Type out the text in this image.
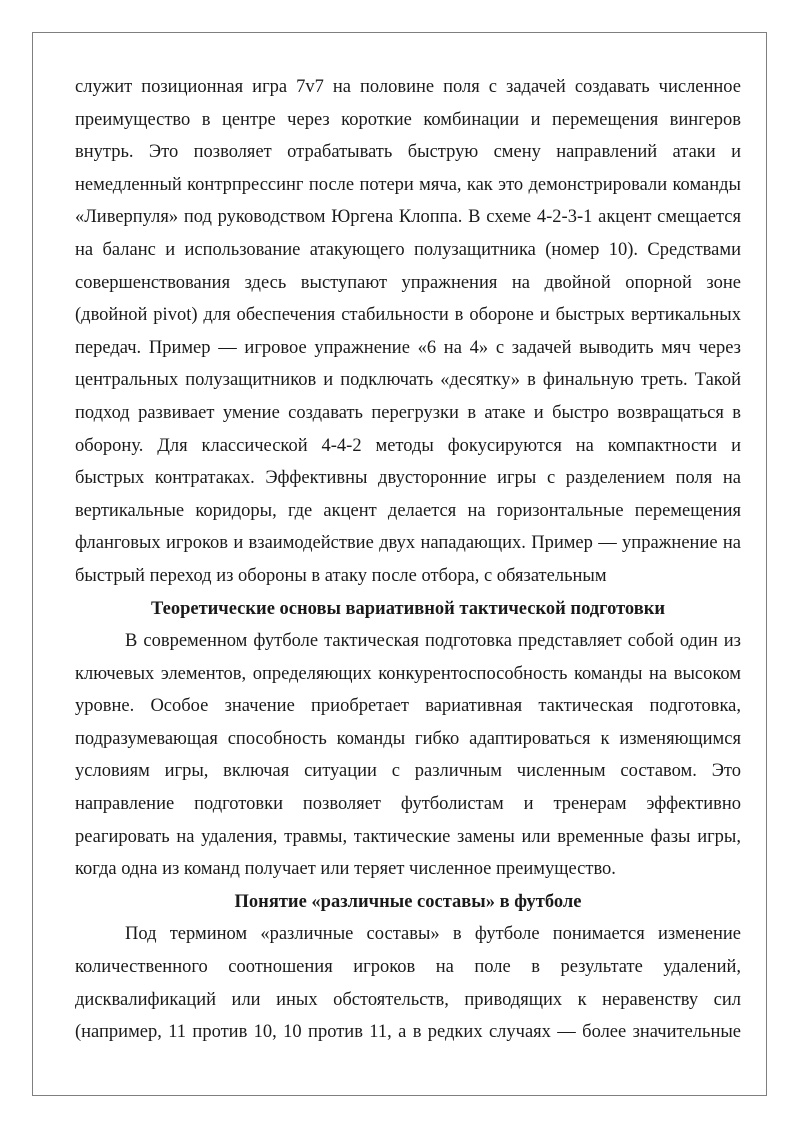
служит позиционная игра 7v7 на половине поля с задачей создавать численное
преимущество в центре через короткие комбинации и перемещения вингеров
внутрь. Это позволяет отрабатывать быструю смену направлений атаки и
немедленный контрпрессинг после потери мяча, как это демонстрировали команды
«Ливерпуля» под руководством Юргена Клоппа. В схеме 4-2-3-1 акцент смещается
на баланс и использование атакующего полузащитника (номер 10). Средствами
совершенствования здесь выступают упражнения на двойной опорной зоне
(двойной pivot) для обеспечения стабильности в обороне и быстрых вертикальных
передач. Пример — игровое упражнение «6 на 4» с задачей выводить мяч через
центральных полузащитников и подключать «десятку» в финальную треть. Такой
подход развивает умение создавать перегрузки в атаке и быстро возвращаться в
оборону. Для классической 4-4-2 методы фокусируются на компактности и
быстрых контратаках. Эффективны двусторонние игры с разделением поля на
вертикальные коридоры, где акцент делается на горизонтальные перемещения
фланговых игроков и взаимодействие двух нападающих. Пример — упражнение на
быстрый переход из обороны в атаку после отбора, с обязательным
Теоретические основы вариативной тактической подготовки
В современном футболе тактическая подготовка представляет собой один из
ключевых элементов, определяющих конкурентоспособность команды на высоком
уровне. Особое значение приобретает вариативная тактическая подготовка,
подразумевающая способность команды гибко адаптироваться к изменяющимся
условиям игры, включая ситуации с различным численным составом. Это
направление подготовки позволяет футболистам и тренерам эффективно
реагировать на удаления, травмы, тактические замены или временные фазы игры,
когда одна из команд получает или теряет численное преимущество.
Понятие «различные составы» в футболе
Под термином «различные составы» в футболе понимается изменение
количественного соотношения игроков на поле в результате удалений,
дисквалификаций или иных обстоятельств, приводящих к неравенству сил
(например, 11 против 10, 10 против 11, а в редких случаях — более значительные
